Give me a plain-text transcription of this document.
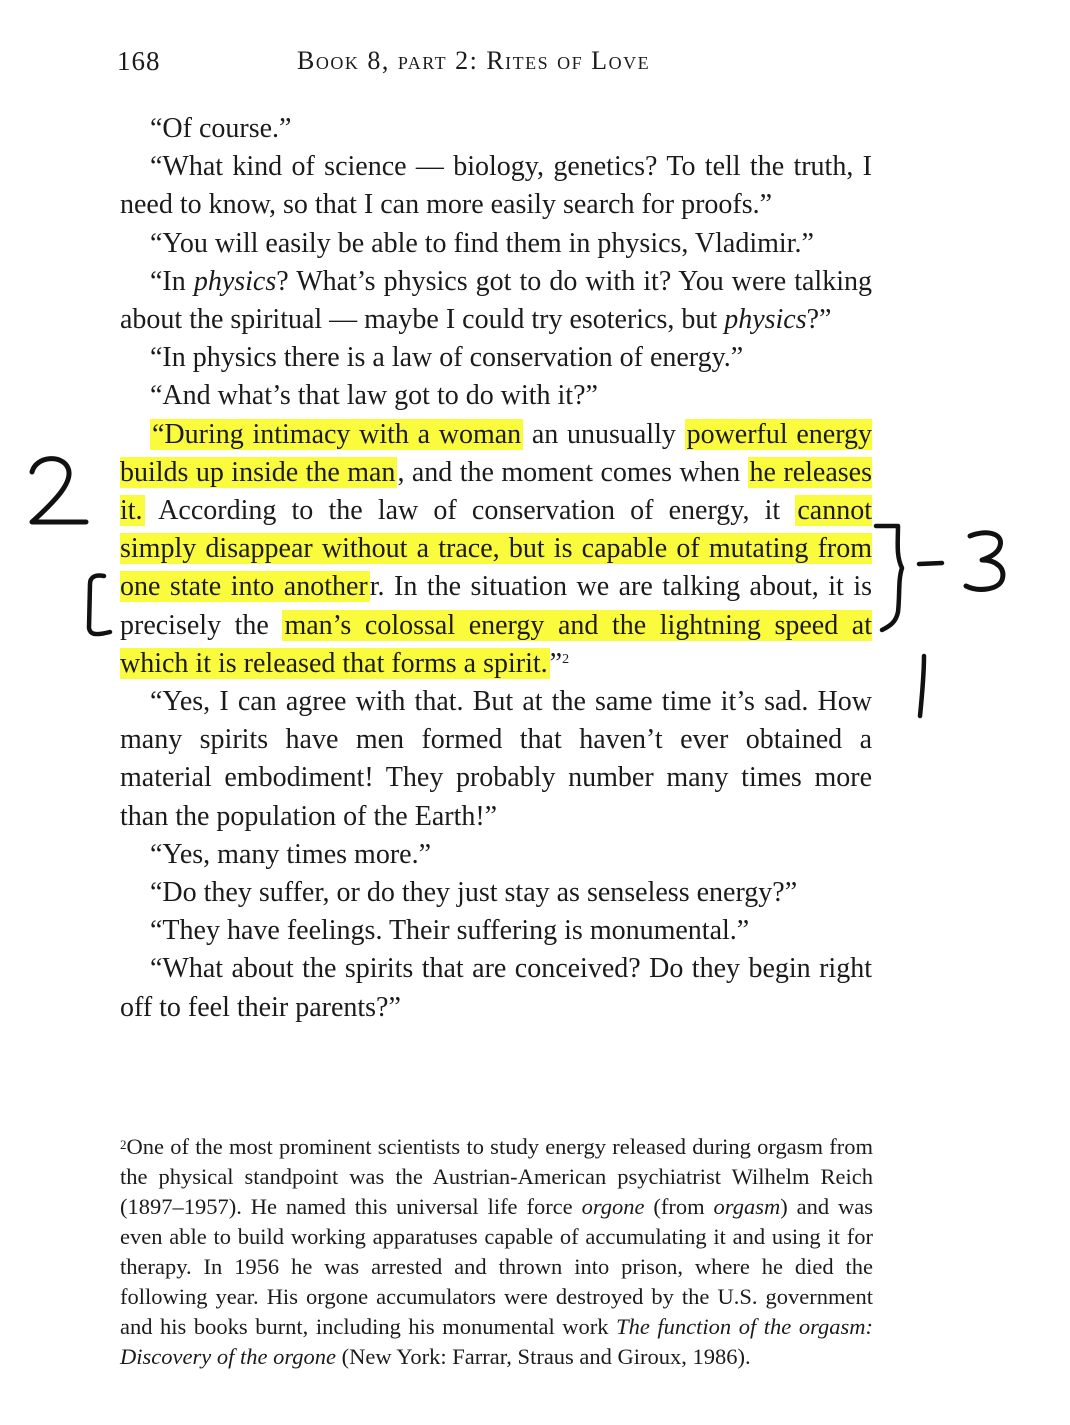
168	Book 8, part 2: Rites of Love

“Of course.”

“What kind of science — biology, genetics? To tell the truth, I need to know, so that I can more easily search for proofs.”

“You will easily be able to find them in physics, Vladimir.”

“In physics? What’s physics got to do with it? You were talking about the spiritual — maybe I could try esoterics, but physics?”

“In physics there is a law of conservation of energy.”

“And what’s that law got to do with it?”

“During intimacy with a woman an unusually powerful energy builds up inside the man, and the moment comes when he releases it. According to the law of conservation of energy, it cannot simply disappear without a trace, but is capable of mutating from one state into anotherr. In the situation we are talking about, it is precisely the man’s colossal energy and the lightning speed at which it is released that forms a spirit.”$^2$

“Yes, I can agree with that. But at the same time it’s sad. How many spirits have men formed that haven’t ever obtained a material embodiment! They probably number many times more than the population of the Earth!”

“Yes, many times more.”

“Do they suffer, or do they just stay as senseless energy?”

“They have feelings. Their suffering is monumental.”

“What about the spirits that are conceived? Do they begin right off to feel their parents?”

$^2$One of the most prominent scientists to study energy released during orgasm from the physical standpoint was the Austrian-American psychiatrist Wilhelm Reich (1897–1957). He named this universal life force orgone (from orgasm) and was even able to build working apparatuses capable of accumulating it and using it for therapy. In 1956 he was arrested and thrown into prison, where he died the following year. His orgone accumulators were destroyed by the U.S. government and his books burnt, including his monumental work The function of the orgasm: Discovery of the orgone (New York: Farrar, Straus and Giroux, 1986).
